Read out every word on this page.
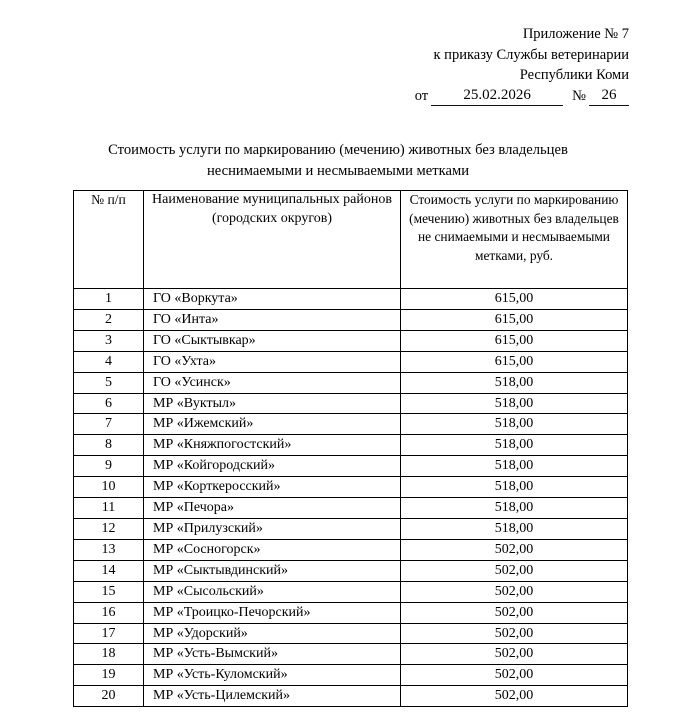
Приложение № 7
к приказу Службы ветеринарии
Республики Коми
от	25.02.2026	№	26
Стоимость услуги по маркированию (мечению) животных без владельцев
неснимаемыми и несмываемыми метками
№ п/п	Наименование муниципальных районов (городских округов)	Стоимость услуги по маркированию (мечению) животных без владельцев не снимаемыми и несмываемыми метками, руб.
1	ГО «Воркута»	615,00
2	ГО «Инта»	615,00
3	ГО «Сыктывкар»	615,00
4	ГО «Ухта»	615,00
5	ГО «Усинск»	518,00
6	МР «Вуктыл»	518,00
7	МР «Ижемский»	518,00
8	МР «Княжпогостский»	518,00
9	МР «Койгородский»	518,00
10	МР «Корткеросский»	518,00
11	МР «Печора»	518,00
12	МР «Прилузский»	518,00
13	МР «Сосногорск»	502,00
14	МР «Сыктывдинский»	502,00
15	МР «Сысольский»	502,00
16	МР «Троицко-Печорский»	502,00
17	МР «Удорский»	502,00
18	МР «Усть-Вымский»	502,00
19	МР «Усть-Куломский»	502,00
20	МР «Усть-Цилемский»	502,00
